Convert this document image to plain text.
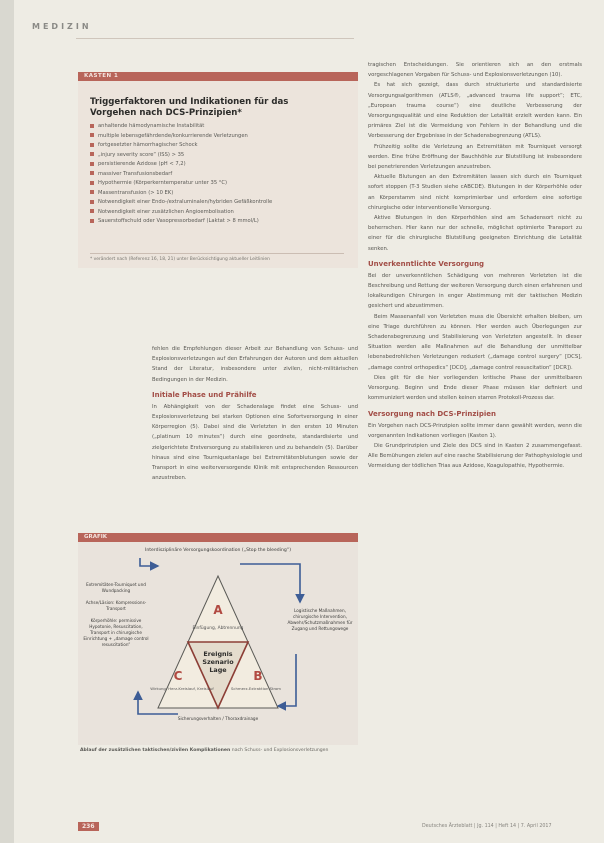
MEDIZIN
KASTEN 1
Triggerfaktoren und Indikationen für das Vorgehen nach DCS-Prinzipien*
anhaltende hämodynamische Instabilität
multiple lebensgefährdende/konkurrierende Verletzungen
fortgesetzter hämorrhagischer Schock
„injury severity score“ (ISS) > 35
persistierende Azidose (pH < 7,2)
massiver Transfusionsbedarf
Hypothermie (Körperkerntemperatur unter 35 °C)
Massentransfusion (> 10 EK)
Notwendigkeit einer Endo-/extraluminalen/hybriden Gefäßkontrolle
Notwendigkeit einer zusätzlichen Angioembolisation
Sauerstoffschuld oder Vasopressorbedarf (Laktat > 8 mmol/L)
* verändert nach (Referenz 16, 18, 21) unter Berücksichtigung aktueller Leitlinien

fehlen die Empfehlungen dieser Arbeit zur Behandlung von Schuss- und Explosionsverletzungen auf den Erfahrungen der Autoren und dem aktuellen Stand der Literatur, insbesondere unter zivilen, nicht-militärischen Bedingungen in der Medizin.

Initiale Phase und Prähilfe

In Abhängigkeit von der Schadenslage findet eine Schuss- und Explosionsverletzung bei starken Optionen eine Sofortversorgung in einer Körperregion (5). Dabei sind die Verletzten in den ersten 10 Minuten („platinum 10 minutes“) durch eine geordnete, standardisierte und zielgerichtete Erstversorgung zu stabilisieren und zu behandeln (5). Darüber hinaus sind eine Tourniquetanlage bei Extremitätenblutungen sowie der Transport in eine weiterversorgende Klinik mit entsprechenden Ressourcen anzustreben.

tragischen Entscheidungen. Sie orientieren sich an den erstmals vorgeschlagenen Vorgaben für Schuss- und Explosionsverletzungen (10).

Es hat sich gezeigt, dass durch strukturierte und standardisierte Versorgungsalgorithmen (ATLS®, „advanced trauma life support“; ETC, „European trauma course“) eine deutliche Verbesserung der Versorgungsqualität und eine Reduktion der Letalität erzielt werden kann. Ein primäres Ziel ist die Vermeidung von Fehlern in der Behandlung und die Verbesserung der Ergebnisse in der Schadensbegrenzung (ATLS).

Frühzeitig sollte die Verletzung an Extremitäten mit Tourniquet versorgt werden. Eine frühe Eröffnung der Bauchhöhle zur Blutstillung ist insbesondere bei penetrierenden Verletzungen anzustreben.

Aktuelle Blutungen an den Extremitäten lassen sich durch ein Tourniquet sofort stoppen (T-3 Studien siehe cABCDE). Blutungen in der Körperhöhle oder an Körperstamm sind nicht komprimierbar und erfordern eine sofortige chirurgische oder interventionelle Versorgung.

Aktive Blutungen in den Körperhöhlen sind am Schadensort nicht zu beherrschen. Hier kann nur der schnelle, möglichst optimierte Transport zu einer für die chirurgische Blutstillung geeigneten Einrichtung die Letalität senken.

Unverkenntlichte Versorgung

Bei der unverkenntlichen Schädigung von mehreren Verletzten ist die Beschreibung und Rettung der weiteren Versorgung durch einen erfahrenen und lokalkundigen Chirurgen in enger Abstimmung mit der taktischen Medizin gesichert und abzustimmen.

Beim Massenanfall von Verletzten muss die Übersicht erhalten bleiben, um eine Triage durchführen zu können. Hier werden auch Überlegungen zur Schadensbegrenzung und Stabilisierung von Verletzten angestellt. In dieser Situation werden alle Maßnahmen auf die Behandlung der unmittelbar lebensbedrohlichen Verletzungen reduziert („damage control surgery“ [DCS], „damage control orthopedics“ [DCO], „damage control resuscitation“ [DCR]).

Dies gilt für die hier vorliegenden kritische Phase der unmittelbaren Versorgung. Beginn und Ende dieser Phase müssen klar definiert und kommuniziert werden und stellen keinen starren Protokoll-Prozess dar.

Versorgung nach DCS-Prinzipien

Ein Vorgehen nach DCS-Prinzipien sollte immer dann gewählt werden, wenn die vorgenannten Indikationen vorliegen (Kasten 1).

Die Grundprinzipien und Ziele des DCS sind in Kasten 2 zusammengefasst. Alle Bemühungen zielen auf eine rasche Stabilisierung der Pathophysiologie und Vermeidung der tödlichen Trias aus Azidose, Koagulopathie, Hypothermie.

GRAFIK
Interdisziplinäre Versorgungskoordination („Stop the bleeding“)
A
Einfügung, Abtrennung
C	B
Ereignis
Szenario
Lage
Wirkung: Herz-Kreislauf, Kreislauf	Schmerz-Extraktion Strom
Extremitäten-Tourniquet und Wundpacking
Achse/Läsion: Kompressions-Transport
Körperhöhle: permissive Hypotonie, Resuscitation, Transport in chirurgische Einrichtung + „damage control resuscitation“
Logistische Maßnahmen, chirurgische Intervention, Abwehr/Schutzmaßnahmen für Zugang und Rettungswege
Sicherungsverhalten / Thoraxdrainage
Ablauf der zusätzlichen taktischen/zivilen Komplikationen nach Schuss- und Explosionsverletzungen
236	Deutsches Ärzteblatt | Jg. 114 | Heft 14 | 7. April 2017
